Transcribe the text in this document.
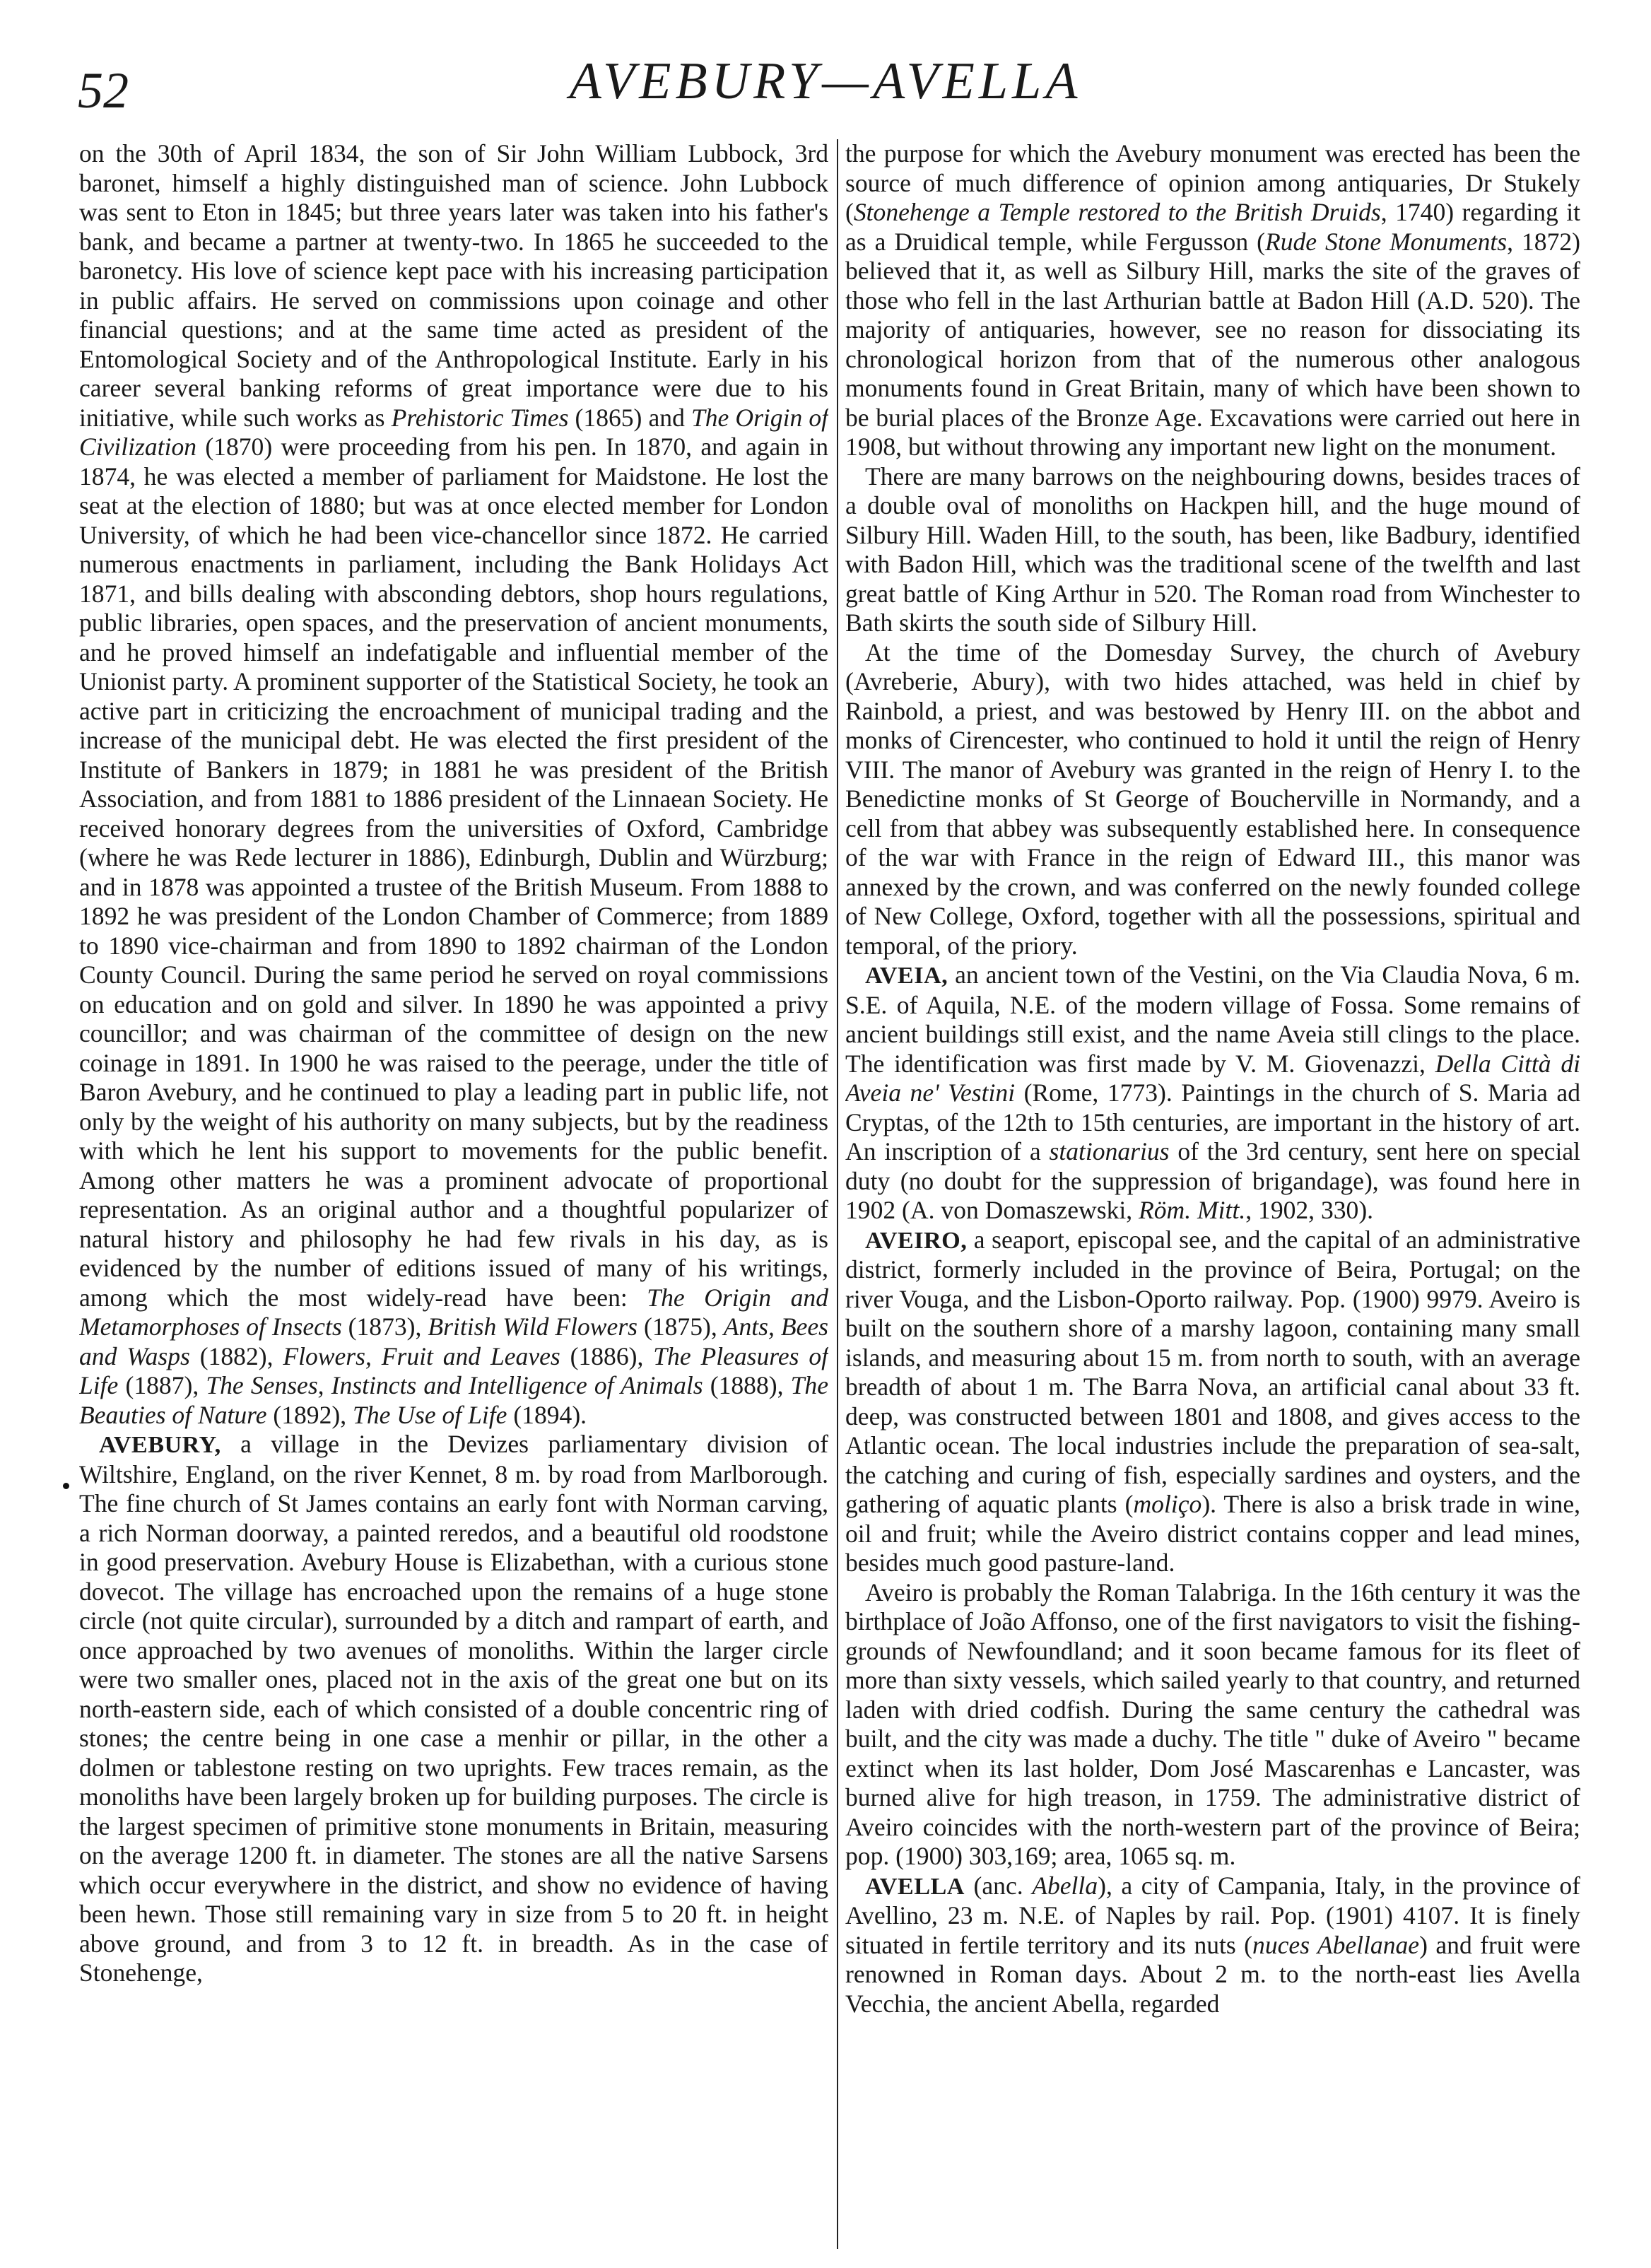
52	AVEBURY—AVELLA

on the 30th of April 1834, the son of Sir John William Lubbock, 3rd baronet, himself a highly distinguished man of science. John Lubbock was sent to Eton in 1845; but three years later was taken into his father's bank, and became a partner at twenty-two. In 1865 he succeeded to the baronetcy. His love of science kept pace with his increasing participation in public affairs. He served on commissions upon coinage and other financial questions; and at the same time acted as president of the Entomological Society and of the Anthropological Institute. Early in his career several banking reforms of great importance were due to his initiative, while such works as Prehistoric Times (1865) and The Origin of Civilization (1870) were proceeding from his pen. In 1870, and again in 1874, he was elected a member of parliament for Maidstone. He lost the seat at the election of 1880; but was at once elected member for London University, of which he had been vice-chancellor since 1872. He carried numerous enactments in parliament, including the Bank Holidays Act 1871, and bills dealing with absconding debtors, shop hours regulations, public libraries, open spaces, and the preservation of ancient monuments, and he proved himself an indefatigable and influential member of the Unionist party. A prominent supporter of the Statistical Society, he took an active part in criticizing the encroachment of municipal trading and the increase of the municipal debt. He was elected the first president of the Institute of Bankers in 1879; in 1881 he was president of the British Association, and from 1881 to 1886 president of the Linnaean Society. He received honorary degrees from the universities of Oxford, Cambridge (where he was Rede lecturer in 1886), Edinburgh, Dublin and Würzburg; and in 1878 was appointed a trustee of the British Museum. From 1888 to 1892 he was president of the London Chamber of Commerce; from 1889 to 1890 vice-chairman and from 1890 to 1892 chairman of the London County Council. During the same period he served on royal commissions on education and on gold and silver. In 1890 he was appointed a privy councillor; and was chairman of the committee of design on the new coinage in 1891. In 1900 he was raised to the peerage, under the title of Baron Avebury, and he continued to play a leading part in public life, not only by the weight of his authority on many subjects, but by the readiness with which he lent his support to movements for the public benefit. Among other matters he was a prominent advocate of proportional representation. As an original author and a thoughtful popularizer of natural history and philosophy he had few rivals in his day, as is evidenced by the number of editions issued of many of his writings, among which the most widely-read have been: The Origin and Metamorphoses of Insects (1873), British Wild Flowers (1875), Ants, Bees and Wasps (1882), Flowers, Fruit and Leaves (1886), The Pleasures of Life (1887), The Senses, Instincts and Intelligence of Animals (1888), The Beauties of Nature (1892), The Use of Life (1894).

AVEBURY, a village in the Devizes parliamentary division of Wiltshire, England, on the river Kennet, 8 m. by road from Marlborough. The fine church of St James contains an early font with Norman carving, a rich Norman doorway, a painted reredos, and a beautiful old roodstone in good preservation. Avebury House is Elizabethan, with a curious stone dovecot. The village has encroached upon the remains of a huge stone circle (not quite circular), surrounded by a ditch and rampart of earth, and once approached by two avenues of monoliths. Within the larger circle were two smaller ones, placed not in the axis of the great one but on its north-eastern side, each of which consisted of a double concentric ring of stones; the centre being in one case a menhir or pillar, in the other a dolmen or tablestone resting on two uprights. Few traces remain, as the monoliths have been largely broken up for building purposes. The circle is the largest specimen of primitive stone monuments in Britain, measuring on the average 1200 ft. in diameter. The stones are all the native Sarsens which occur everywhere in the district, and show no evidence of having been hewn. Those still remaining vary in size from 5 to 20 ft. in height above ground, and from 3 to 12 ft. in breadth. As in the case of Stonehenge,

the purpose for which the Avebury monument was erected has been the source of much difference of opinion among antiquaries, Dr Stukely (Stonehenge a Temple restored to the British Druids, 1740) regarding it as a Druidical temple, while Fergusson (Rude Stone Monuments, 1872) believed that it, as well as Silbury Hill, marks the site of the graves of those who fell in the last Arthurian battle at Badon Hill (A.D. 520). The majority of antiquaries, however, see no reason for dissociating its chronological horizon from that of the numerous other analogous monuments found in Great Britain, many of which have been shown to be burial places of the Bronze Age. Excavations were carried out here in 1908, but without throwing any important new light on the monument.

There are many barrows on the neighbouring downs, besides traces of a double oval of monoliths on Hackpen hill, and the huge mound of Silbury Hill. Waden Hill, to the south, has been, like Badbury, identified with Badon Hill, which was the traditional scene of the twelfth and last great battle of King Arthur in 520. The Roman road from Winchester to Bath skirts the south side of Silbury Hill.

At the time of the Domesday Survey, the church of Avebury (Avreberie, Abury), with two hides attached, was held in chief by Rainbold, a priest, and was bestowed by Henry III. on the abbot and monks of Cirencester, who continued to hold it until the reign of Henry VIII. The manor of Avebury was granted in the reign of Henry I. to the Benedictine monks of St George of Boucherville in Normandy, and a cell from that abbey was subsequently established here. In consequence of the war with France in the reign of Edward III., this manor was annexed by the crown, and was conferred on the newly founded college of New College, Oxford, together with all the possessions, spiritual and temporal, of the priory.

AVEIA, an ancient town of the Vestini, on the Via Claudia Nova, 6 m. S.E. of Aquila, N.E. of the modern village of Fossa. Some remains of ancient buildings still exist, and the name Aveia still clings to the place. The identification was first made by V. M. Giovenazzi, Della Città di Aveia ne' Vestini (Rome, 1773). Paintings in the church of S. Maria ad Cryptas, of the 12th to 15th centuries, are important in the history of art. An inscription of a stationarius of the 3rd century, sent here on special duty (no doubt for the suppression of brigandage), was found here in 1902 (A. von Domaszewski, Röm. Mitt., 1902, 330).

AVEIRO, a seaport, episcopal see, and the capital of an administrative district, formerly included in the province of Beira, Portugal; on the river Vouga, and the Lisbon-Oporto railway. Pop. (1900) 9979. Aveiro is built on the southern shore of a marshy lagoon, containing many small islands, and measuring about 15 m. from north to south, with an average breadth of about 1 m. The Barra Nova, an artificial canal about 33 ft. deep, was constructed between 1801 and 1808, and gives access to the Atlantic ocean. The local industries include the preparation of sea-salt, the catching and curing of fish, especially sardines and oysters, and the gathering of aquatic plants (moliço). There is also a brisk trade in wine, oil and fruit; while the Aveiro district contains copper and lead mines, besides much good pasture-land.

Aveiro is probably the Roman Talabriga. In the 16th century it was the birthplace of João Affonso, one of the first navigators to visit the fishing-grounds of Newfoundland; and it soon became famous for its fleet of more than sixty vessels, which sailed yearly to that country, and returned laden with dried codfish. During the same century the cathedral was built, and the city was made a duchy. The title " duke of Aveiro " became extinct when its last holder, Dom José Mascarenhas e Lancaster, was burned alive for high treason, in 1759. The administrative district of Aveiro coincides with the north-western part of the province of Beira; pop. (1900) 303,169; area, 1065 sq. m.

AVELLA (anc. Abella), a city of Campania, Italy, in the province of Avellino, 23 m. N.E. of Naples by rail. Pop. (1901) 4107. It is finely situated in fertile territory and its nuts (nuces Abellanae) and fruit were renowned in Roman days. About 2 m. to the north-east lies Avella Vecchia, the ancient Abella, regarded
